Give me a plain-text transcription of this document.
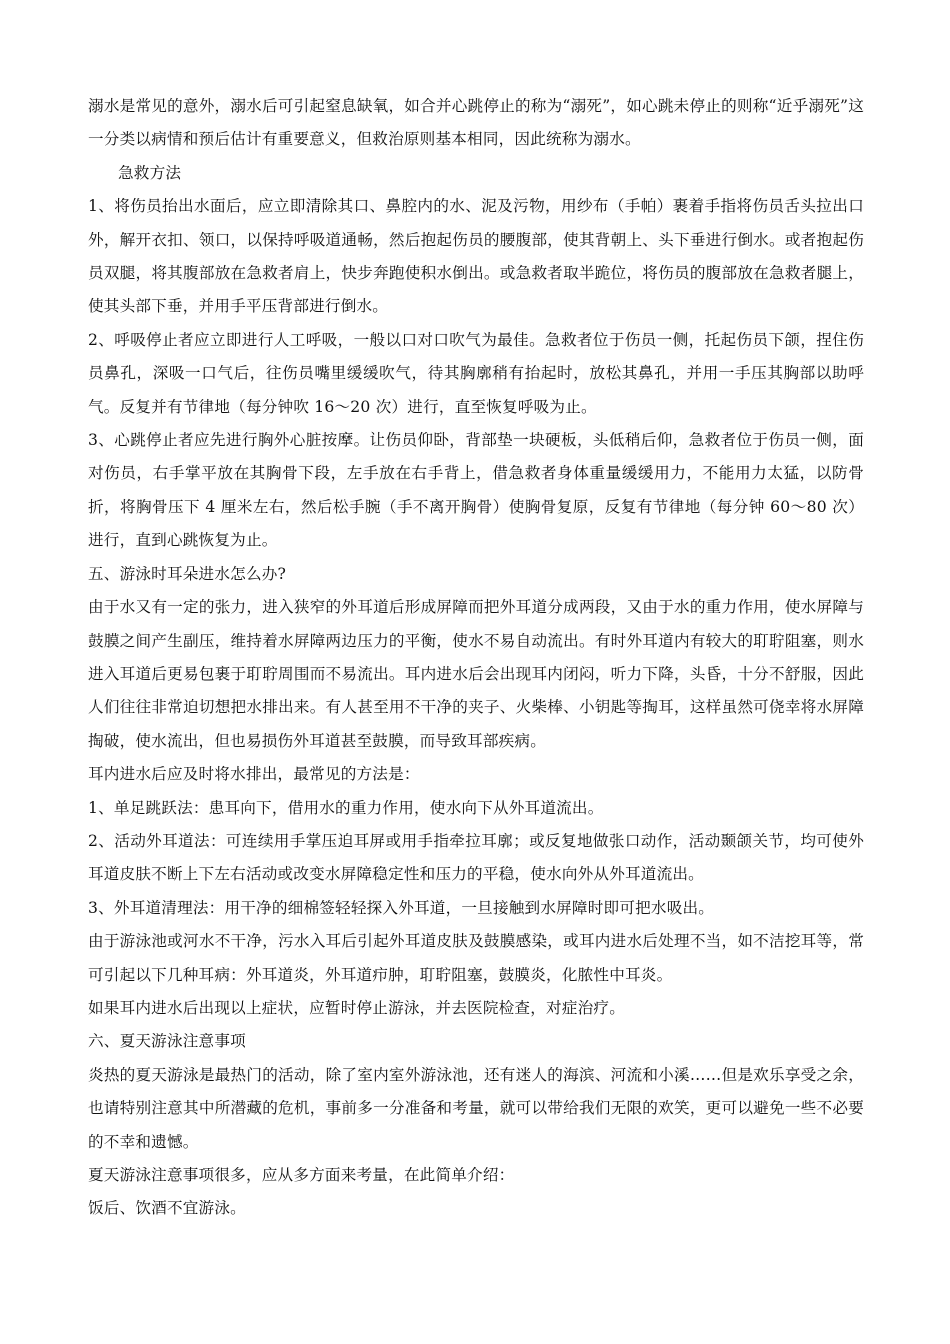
溺水是常见的意外，溺水后可引起窒息缺氧，如合并心跳停止的称为“溺死”，如心跳未停止的则称“近乎溺死”这一分类以病情和预后估计有重要意义，但救治原则基本相同，因此统称为溺水。

急救方法

1、将伤员抬出水面后，应立即清除其口、鼻腔内的水、泥及污物，用纱布（手帕）裹着手指将伤员舌头拉出口外，解开衣扣、领口，以保持呼吸道通畅，然后抱起伤员的腰腹部，使其背朝上、头下垂进行倒水。或者抱起伤员双腿，将其腹部放在急救者肩上，快步奔跑使积水倒出。或急救者取半跪位，将伤员的腹部放在急救者腿上，使其头部下垂，并用手平压背部进行倒水。

2、呼吸停止者应立即进行人工呼吸，一般以口对口吹气为最佳。急救者位于伤员一侧，托起伤员下颌，捏住伤员鼻孔，深吸一口气后，往伤员嘴里缓缓吹气，待其胸廓稍有抬起时，放松其鼻孔，并用一手压其胸部以助呼气。反复并有节律地（每分钟吹 16～20 次）进行，直至恢复呼吸为止。

3、心跳停止者应先进行胸外心脏按摩。让伤员仰卧，背部垫一块硬板，头低稍后仰，急救者位于伤员一侧，面对伤员，右手掌平放在其胸骨下段，左手放在右手背上，借急救者身体重量缓缓用力，不能用力太猛，以防骨折，将胸骨压下 4 厘米左右，然后松手腕（手不离开胸骨）使胸骨复原，反复有节律地（每分钟 60～80 次）进行，直到心跳恢复为止。

五、游泳时耳朵进水怎么办?

由于水又有一定的张力，进入狭窄的外耳道后形成屏障而把外耳道分成两段，又由于水的重力作用，使水屏障与鼓膜之间产生副压，维持着水屏障两边压力的平衡，使水不易自动流出。有时外耳道内有较大的耵聍阻塞，则水进入耳道后更易包裹于耵聍周围而不易流出。耳内进水后会出现耳内闭闷，听力下降，头昏，十分不舒服，因此人们往往非常迫切想把水排出来。有人甚至用不干净的夹子、火柴棒、小钥匙等掏耳，这样虽然可侥幸将水屏障掏破，使水流出，但也易损伤外耳道甚至鼓膜，而导致耳部疾病。

耳内进水后应及时将水排出，最常见的方法是：

1、单足跳跃法：患耳向下，借用水的重力作用，使水向下从外耳道流出。

2、活动外耳道法：可连续用手掌压迫耳屏或用手指牵拉耳廓；或反复地做张口动作，活动颞颌关节，均可使外耳道皮肤不断上下左右活动或改变水屏障稳定性和压力的平稳，使水向外从外耳道流出。

3、外耳道清理法：用干净的细棉签轻轻探入外耳道，一旦接触到水屏障时即可把水吸出。

由于游泳池或河水不干净，污水入耳后引起外耳道皮肤及鼓膜感染，或耳内进水后处理不当，如不洁挖耳等，常可引起以下几种耳病：外耳道炎，外耳道疖肿，耵聍阻塞，鼓膜炎，化脓性中耳炎。

如果耳内进水后出现以上症状，应暂时停止游泳，并去医院检查，对症治疗。

六、夏天游泳注意事项

炎热的夏天游泳是最热门的活动，除了室内室外游泳池，还有迷人的海滨、河流和小溪……但是欢乐享受之余，也请特别注意其中所潜藏的危机，事前多一分准备和考量，就可以带给我们无限的欢笑，更可以避免一些不必要的不幸和遗憾。

夏天游泳注意事项很多，应从多方面来考量，在此简单介绍：

饭后、饮酒不宜游泳。
